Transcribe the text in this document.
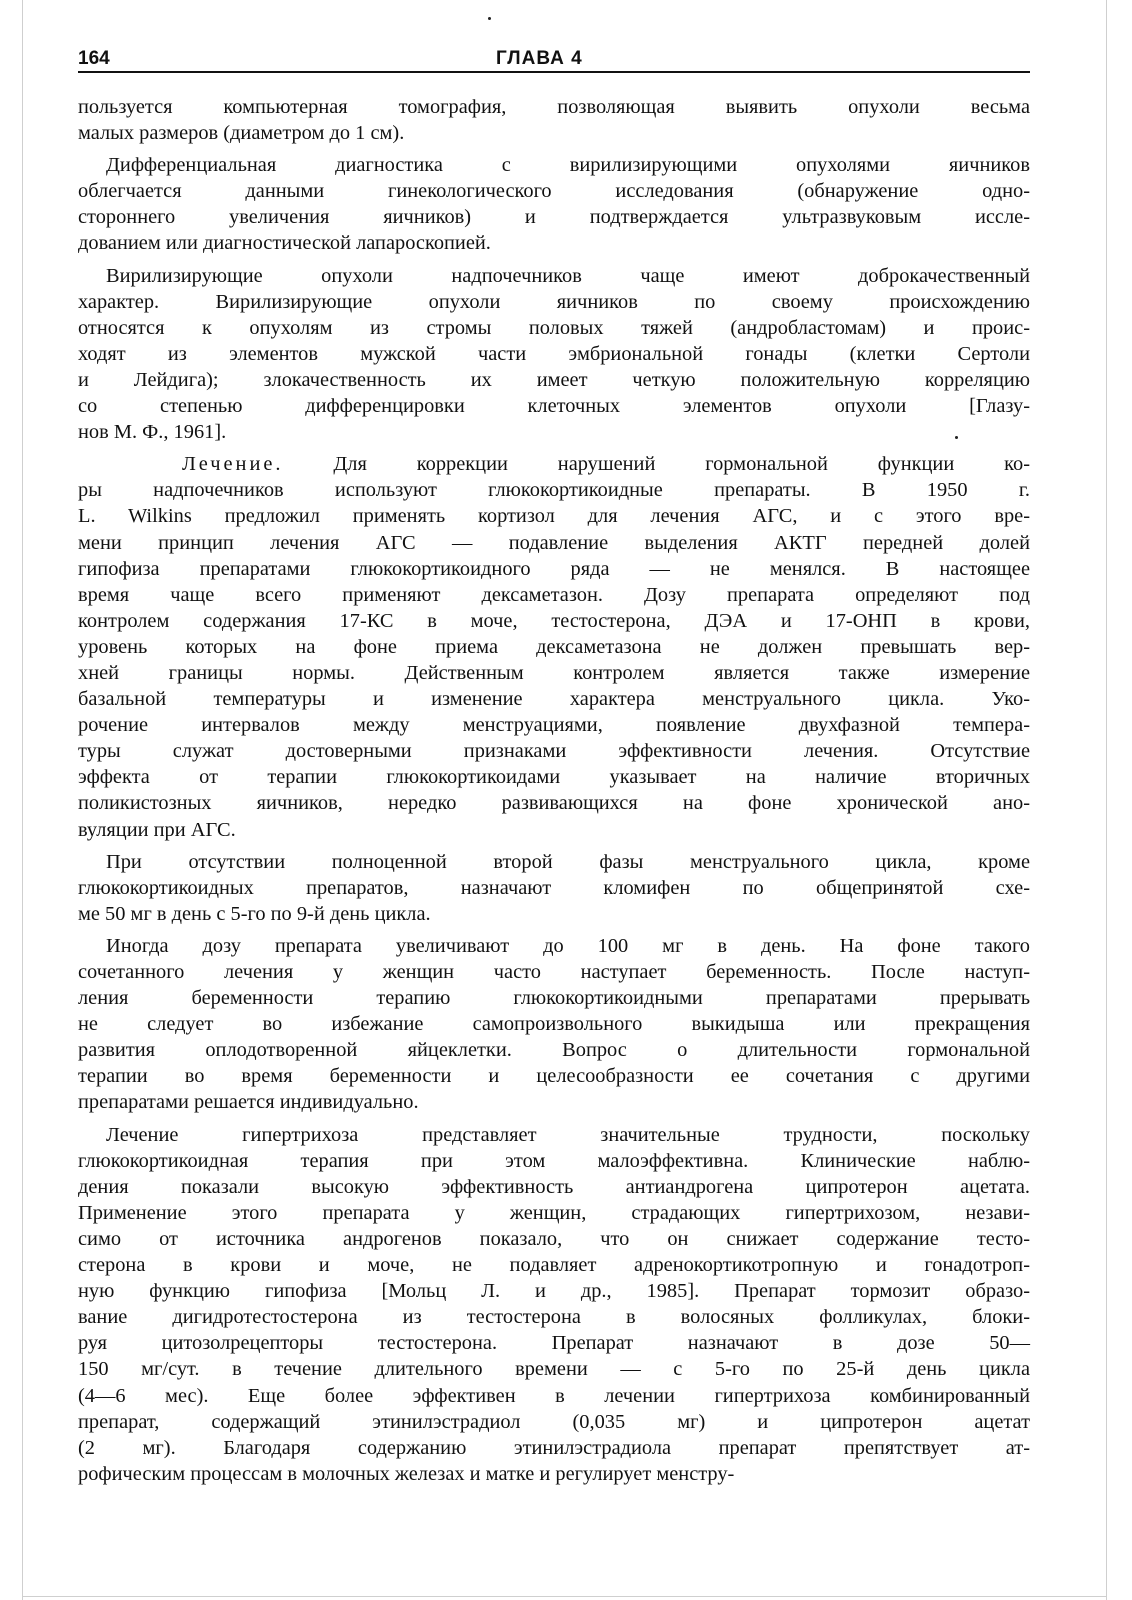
164	ГЛАВА 4
пользуется компьютерная томография, позволяющая выявить опухоли весьма
малых размеров (диаметром до 1 см).
Дифференциальная диагностика с вирилизирующими опухолями яичников
облегчается данными гинекологического исследования (обнаружение одно-
стороннего увеличения яичников) и подтверждается ультразвуковым иссле-
дованием или диагностической лапароскопией.
Вирилизирующие опухоли надпочечников чаще имеют доброкачественный
характер. Вирилизирующие опухоли яичников по своему происхождению
относятся к опухолям из стромы половых тяжей (андробластомам) и проис-
ходят из элементов мужской части эмбриональной гонады (клетки Сертоли
и Лейдига); злокачественность их имеет четкую положительную корреляцию
со степенью дифференцировки клеточных элементов опухоли [Глазу-
нов М. Ф., 1961].
Лечение. Для коррекции нарушений гормональной функции ко-
ры надпочечников используют глюкокортикоидные препараты. В 1950 г.
L. Wilkins предложил применять кортизол для лечения АГС, и с этого вре-
мени принцип лечения АГС — подавление выделения АКТГ передней долей
гипофиза препаратами глюкокортикоидного ряда — не менялся. В настоящее
время чаще всего применяют дексаметазон. Дозу препарата определяют под
контролем содержания 17-КС в моче, тестостерона, ДЭА и 17-ОНП в крови,
уровень которых на фоне приема дексаметазона не должен превышать вер-
хней границы нормы. Действенным контролем является также измерение
базальной температуры и изменение характера менструального цикла. Уко-
рочение интервалов между менструациями, появление двухфазной темпера-
туры служат достоверными признаками эффективности лечения. Отсутствие
эффекта от терапии глюкокортикоидами указывает на наличие вторичных
поликистозных яичников, нередко развивающихся на фоне хронической ано-
вуляции при АГС.
При отсутствии полноценной второй фазы менструального цикла, кроме
глюкокортикоидных препаратов, назначают кломифен по общепринятой схе-
ме 50 мг в день с 5-го по 9-й день цикла.
Иногда дозу препарата увеличивают до 100 мг в день. На фоне такого
сочетанного лечения у женщин часто наступает беременность. После наступ-
ления беременности терапию глюкокортикоидными препаратами прерывать
не следует во избежание самопроизвольного выкидыша или прекращения
развития оплодотворенной яйцеклетки. Вопрос о длительности гормональной
терапии во время беременности и целесообразности ее сочетания с другими
препаратами решается индивидуально.
Лечение гипертрихоза представляет значительные трудности, поскольку
глюкокортикоидная терапия при этом малоэффективна. Клинические наблю-
дения показали высокую эффективность антиандрогена ципротерон ацетата.
Применение этого препарата у женщин, страдающих гипертрихозом, незави-
симо от источника андрогенов показало, что он снижает содержание тесто-
стерона в крови и моче, не подавляет адренокортикотропную и гонадотроп-
ную функцию гипофиза [Мольц Л. и др., 1985]. Препарат тормозит образо-
вание дигидротестостерона из тестостерона в волосяных фолликулах, блоки-
руя цитозолрецепторы тестостерона. Препарат назначают в дозе 50—
150 мг/сут. в течение длительного времени — с 5-го по 25-й день цикла
(4—6 мес). Еще более эффективен в лечении гипертрихоза комбинированный
препарат, содержащий этинилэстрадиол (0,035 мг) и ципротерон ацетат
(2 мг). Благодаря содержанию этинилэстрадиола препарат препятствует ат-
рофическим процессам в молочных железах и матке и регулирует менстру-
